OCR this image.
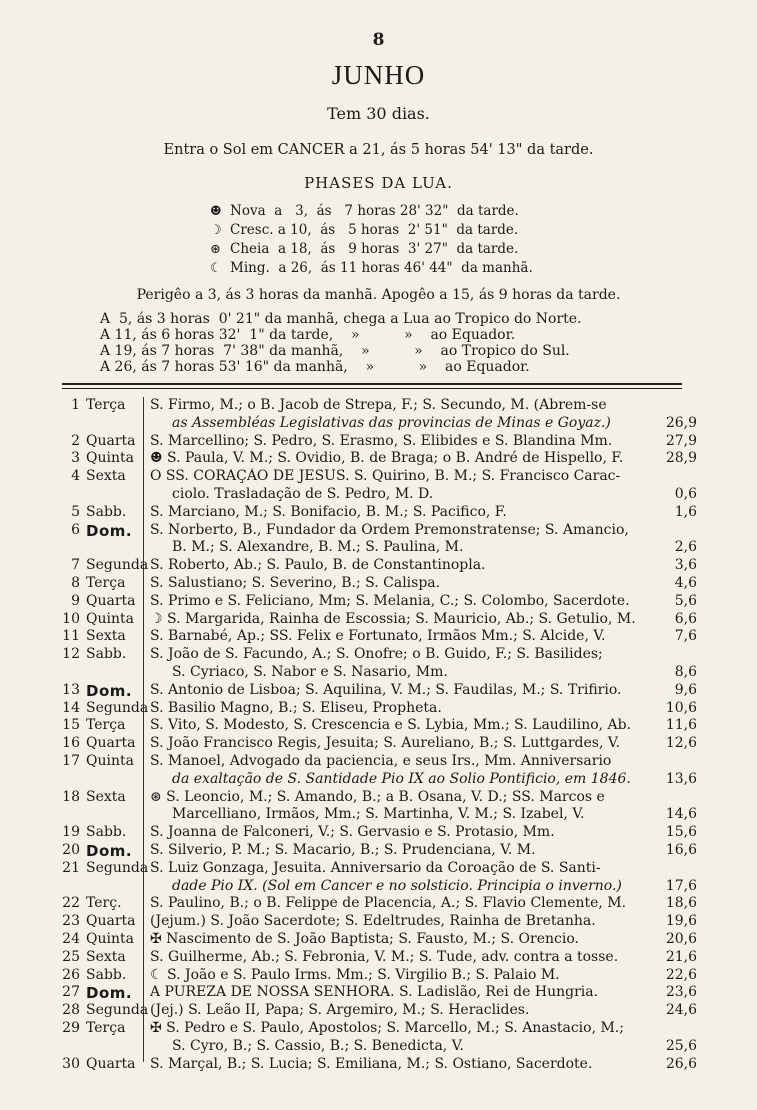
8
JUNHO
Tem 30 dias.
Entra o Sol em CANCER a 21, ás 5 horas 54' 13" da tarde.
PHASES DA LUA.
☻ Nova  a   3,  ás   7 horas 28' 32"  da tarde.
☽ Cresc. a 10,  ás   5 horas  2' 51"  da tarde.
⊛ Cheia  a 18,  ás   9 horas  3' 27"  da tarde.
☾ Ming.  a 26,  ás 11 horas 46' 44"  da manhã.
Perigêo a 3, ás 3 horas da manhã. Apogêo a 15, ás 9 horas da tarde.
A  5, ás 3 horas  0' 21" da manhã, chega a Lua ao Tropico do Norte.
A 11, ás 6 horas 32'  1" da tarde,    »          »    ao Equador.
A 19, ás 7 horas  7' 38" da manhã,    »          »    ao Tropico do Sul.
A 26, ás 7 horas 53' 16" da manhã,    »          »    ao Equador.
1 Terça S. Firmo, M.; o B. Jacob de Strepa, F.; S. Secundo, M. (Abrem-se
as Assembléas Legislativas das provincias de Minas e Goyaz.)	26,9
2 Quarta S. Marcellino; S. Pedro, S. Erasmo, S. Elibides e S. Blandina Mm.	27,9
3 Quinta ☻ S. Paula, V. M.; S. Ovidio, B. de Braga; o B. André de Hispello, F.	28,9
4 Sexta O SS. CORAÇÃO DE JESUS. S. Quirino, B. M.; S. Francisco Carac-
ciolo. Trasladação de S. Pedro, M. D.	0,6
5 Sabb. S. Marciano, M.; S. Bonifacio, B. M.; S. Pacifico, F.	1,6
6 Dom. S. Norberto, B., Fundador da Ordem Premonstratense; S. Amancio,
B. M.; S. Alexandre, B. M.; S. Paulina, M.	2,6
7 Segunda S. Roberto, Ab.; S. Paulo, B. de Constantinopla.	3,6
8 Terça S. Salustiano; S. Severino, B.; S. Calispa.	4,6
9 Quarta S. Primo e S. Feliciano, Mm; S. Melania, C.; S. Colombo, Sacerdote.	5,6
10 Quinta ☽ S. Margarida, Rainha de Escossia; S. Mauricio, Ab.; S. Getulio, M.	6,6
11 Sexta S. Barnabé, Ap.; SS. Felix e Fortunato, Irmãos Mm.; S. Alcide, V.	7,6
12 Sabb. S. João de S. Facundo, A.; S. Onofre; o B. Guido, F.; S. Basilides;
S. Cyriaco, S. Nabor e S. Nasario, Mm.	8,6
13 Dom. S. Antonio de Lisboa; S. Aquilina, V. M.; S. Faudilas, M.; S. Trifirio.	9,6
14 Segunda S. Basilio Magno, B.; S. Eliseu, Propheta.	10,6
15 Terça S. Vito, S. Modesto, S. Crescencia e S. Lybia, Mm.; S. Laudilino, Ab.	11,6
16 Quarta S. João Francisco Regis, Jesuita; S. Aureliano, B.; S. Luttgardes, V.	12,6
17 Quinta S. Manoel, Advogado da paciencia, e seus Irs., Mm. Anniversario
da exaltação de S. Santidade Pio IX ao Solio Pontificio, em 1846.	13,6
18 Sexta ⊛ S. Leoncio, M.; S. Amando, B.; a B. Osana, V. D.; SS. Marcos e
Marcelliano, Irmãos, Mm.; S. Martinha, V. M.; S. Izabel, V.	14,6
19 Sabb. S. Joanna de Falconeri, V.; S. Gervasio e S. Protasio, Mm.	15,6
20 Dom. S. Silverio, P. M.; S. Macario, B.; S. Prudenciana, V. M.	16,6
21 Segunda S. Luiz Gonzaga, Jesuita. Anniversario da Coroação de S. Santi-
dade Pio IX. (Sol em Cancer e no solsticio. Principia o inverno.)	17,6
22 Terç. S. Paulino, B.; o B. Felippe de Placencia, A.; S. Flavio Clemente, M.	18,6
23 Quarta (Jejum.) S. João Sacerdote; S. Edeltrudes, Rainha de Bretanha.	19,6
24 Quinta ✠ Nascimento de S. João Baptista; S. Fausto, M.; S. Orencio.	20,6
25 Sexta S. Guilherme, Ab.; S. Febronia, V. M.; S. Tude, adv. contra a tosse.	21,6
26 Sabb. ☾ S. João e S. Paulo Irms. Mm.; S. Virgilio B.; S. Palaio M.	22,6
27 Dom. A PUREZA DE NOSSA SENHORA. S. Ladislão, Rei de Hungria.	23,6
28 Segunda (Jej.) S. Leão II, Papa; S. Argemiro, M.; S. Heraclides.	24,6
29 Terça ✠ S. Pedro e S. Paulo, Apostolos; S. Marcello, M.; S. Anastacio, M.;
S. Cyro, B.; S. Cassio, B.; S. Benedicta, V.	25,6
30 Quarta S. Marçal, B.; S. Lucia; S. Emiliana, M.; S. Ostiano, Sacerdote.	26,6
